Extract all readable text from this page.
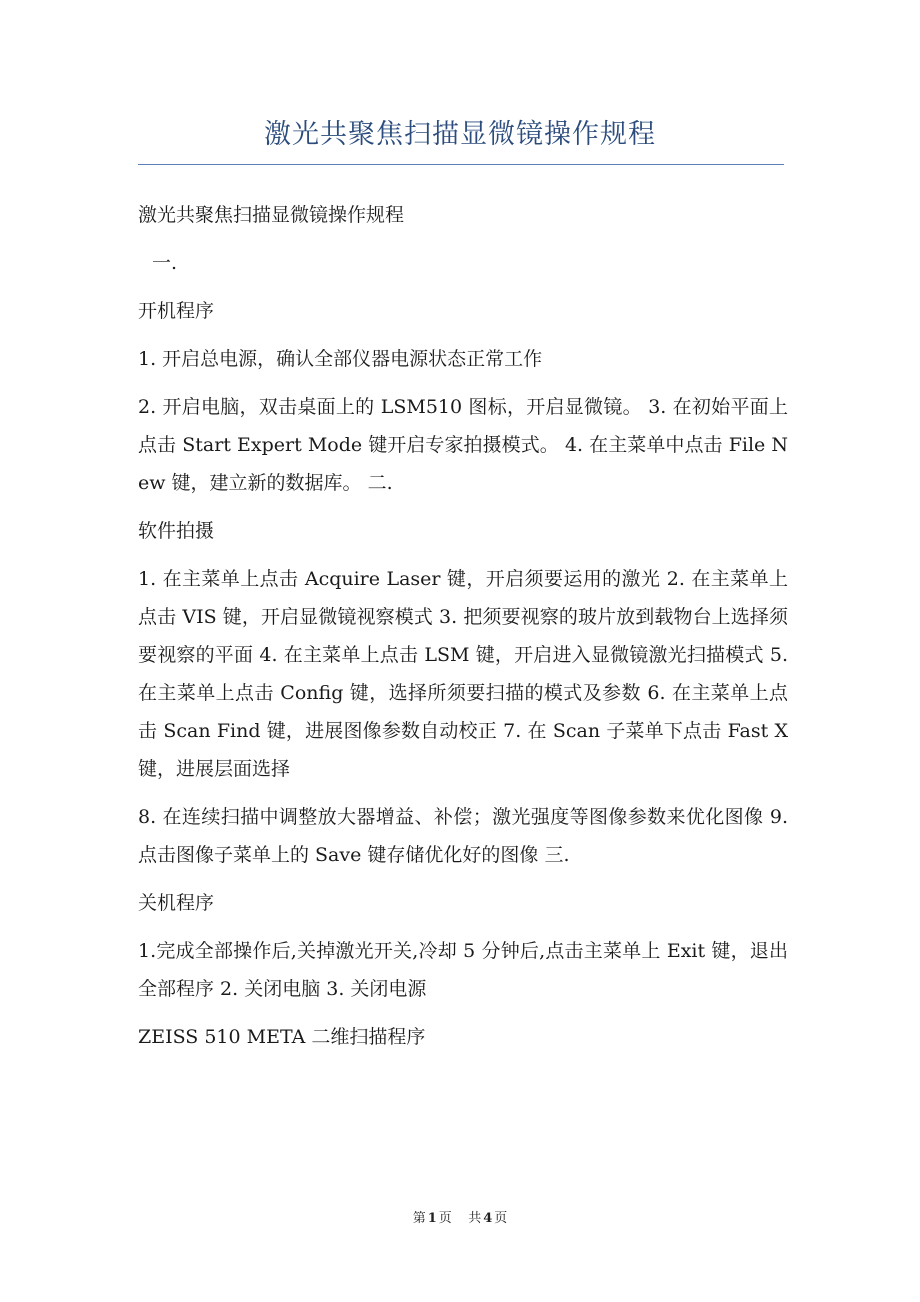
激光共聚焦扫描显微镜操作规程

激光共聚焦扫描显微镜操作规程

一.

开机程序

1. 开启总电源，确认全部仪器电源状态正常工作

2. 开启电脑，双击桌面上的 LSM510 图标，开启显微镜。 3. 在初始平面上点击 Start Expert Mode 键开启专家拍摄模式。 4. 在主菜单中点击 File New 键，建立新的数据库。 二.

软件拍摄

1. 在主菜单上点击 Acquire Laser 键，开启须要运用的激光 2. 在主菜单上点击 VIS 键，开启显微镜视察模式 3. 把须要视察的玻片放到载物台上选择须要视察的平面 4. 在主菜单上点击 LSM 键，开启进入显微镜激光扫描模式 5. 在主菜单上点击 Config 键，选择所须要扫描的模式及参数 6. 在主菜单上点击 Scan Find 键，进展图像参数自动校正 7. 在 Scan 子菜单下点击 Fast X 键，进展层面选择

8. 在连续扫描中调整放大器增益、补偿；激光强度等图像参数来优化图像 9. 点击图像子菜单上的 Save 键存储优化好的图像 三.

关机程序

1.完成全部操作后,关掉激光开关,冷却 5 分钟后,点击主菜单上 Exit 键，退出全部程序 2. 关闭电脑 3. 关闭电源

ZEISS 510 META 二维扫描程序

第 1 页 共 4 页
